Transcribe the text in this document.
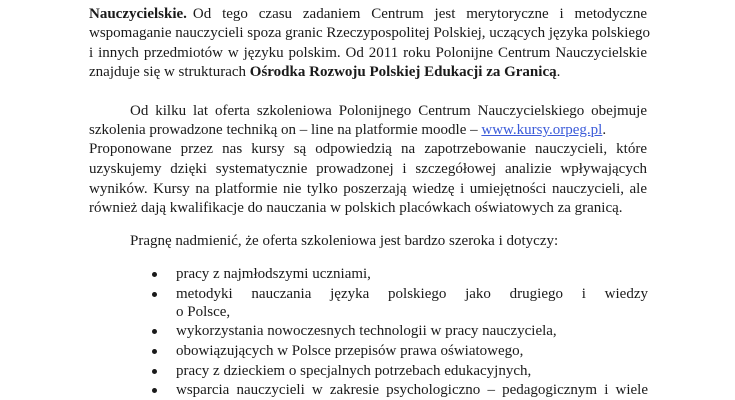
Nauczycielskie. Od tego czasu zadaniem Centrum jest merytoryczne i metodyczne
wspomaganie nauczycieli spoza granic Rzeczypospolitej Polskiej, uczących języka polskiego
i innych przedmiotów w języku polskim. Od 2011 roku Polonijne Centrum Nauczycielskie
znajduje się w strukturach Ośrodka Rozwoju Polskiej Edukacji za Granicą.
Od kilku lat oferta szkoleniowa Polonijnego Centrum Nauczycielskiego obejmuje
szkolenia prowadzone techniką on – line na platformie moodle – www.kursy.orpeg.pl.
Proponowane przez nas kursy są odpowiedzią na zapotrzebowanie nauczycieli, które
uzyskujemy dzięki systematycznie prowadzonej i szczegółowej analizie wpływających
wyników. Kursy na platformie nie tylko poszerzają wiedzę i umiejętności nauczycieli, ale
również dają kwalifikacje do nauczania w polskich placówkach oświatowych za granicą.
Pragnę nadmienić, że oferta szkoleniowa jest bardzo szeroka i dotyczy:
pracy z najmłodszymi uczniami,
metodyki nauczania języka polskiego jako drugiego i wiedzy
o Polsce,
wykorzystania nowoczesnych technologii w pracy nauczyciela,
obowiązujących w Polsce przepisów prawa oświatowego,
pracy z dzieckiem o specjalnych potrzebach edukacyjnych,
wsparcia nauczycieli w zakresie psychologiczno – pedagogicznym i wiele
